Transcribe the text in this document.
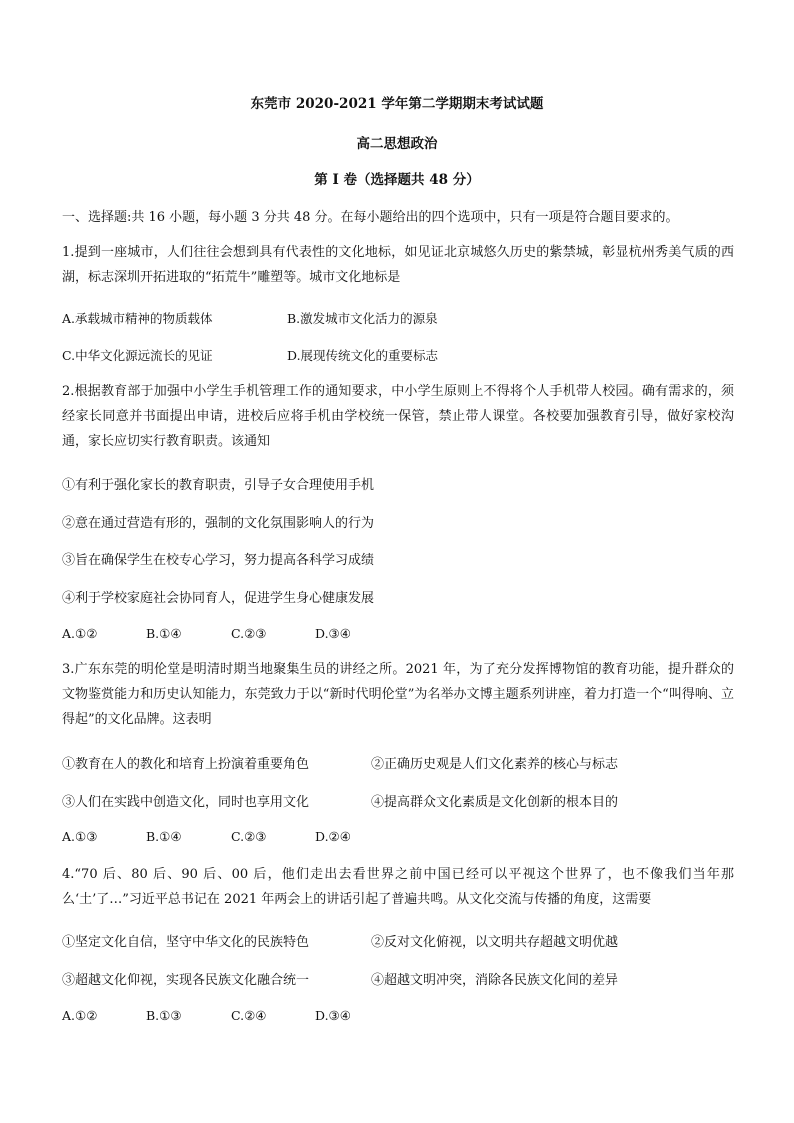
东莞市 2020-2021 学年第二学期期末考试试题
高二思想政治
第 I 卷（选择题共 48 分）
一、选择题:共 16 小题，每小题 3 分共 48 分。在每小题给出的四个选项中，只有一项是符合题目要求的。
1.提到一座城市，人们往往会想到具有代表性的文化地标，如见证北京城悠久历史的紫禁城，彰显杭州秀美气质的西湖，标志深圳开拓进取的“拓荒牛”雕塑等。城市文化地标是
A.承载城市精神的物质载体	B.激发城市文化活力的源泉
C.中华文化源远流长的见证	D.展现传统文化的重要标志
2.根据教育部于加强中小学生手机管理工作的通知要求，中小学生原则上不得将个人手机带人校园。确有需求的，须经家长同意并书面提出申请，进校后应将手机由学校统一保管，禁止带人课堂。各校要加强教育引导，做好家校沟通，家长应切实行教育职责。该通知
①有利于强化家长的教育职责，引导子女合理使用手机
②意在通过营造有形的，强制的文化氛围影响人的行为
③旨在确保学生在校专心学习，努力提高各科学习成绩
④利于学校家庭社会协同育人，促进学生身心健康发展
A.①②	B.①④	C.②③	D.③④
3.广东东莞的明伦堂是明清时期当地聚集生员的讲经之所。2021 年，为了充分发挥博物馆的教育功能，提升群众的文物鉴赏能力和历史认知能力，东莞致力于以“新时代明伦堂”为名举办文博主题系列讲座，着力打造一个“叫得响、立得起”的文化品牌。这表明
①教育在人的教化和培育上扮演着重要角色	②正确历史观是人们文化素养的核心与标志
③人们在实践中创造文化，同时也享用文化	④提高群众文化素质是文化创新的根本目的
A.①③	B.①④	C.②③	D.②④
4.“70 后、80 后、90 后、00 后，他们走出去看世界之前中国已经可以平视这个世界了，也不像我们当年那么‘土’了…”习近平总书记在 2021 年两会上的讲话引起了普遍共鸣。从文化交流与传播的角度，这需要
①坚定文化自信，坚守中华文化的民族特色	②反对文化俯视，以文明共存超越文明优越
③超越文化仰视，实现各民族文化融合统一	④超越文明冲突，消除各民族文化间的差异
A.①②	B.①③	C.②④	D.③④
